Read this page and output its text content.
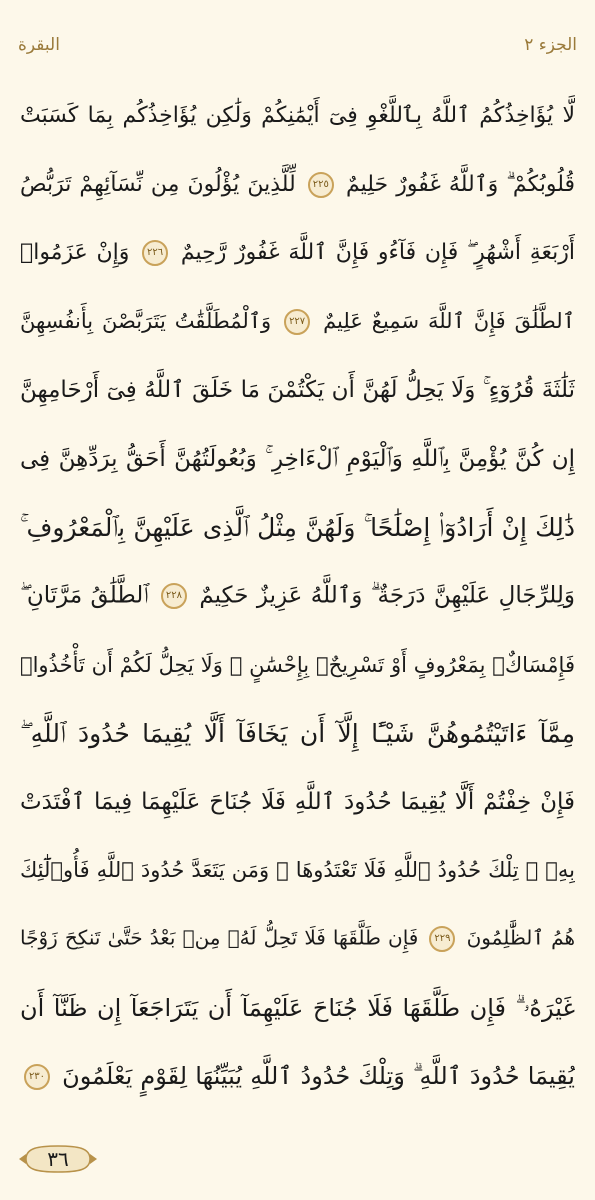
البقرة	الجزء ٢
لَّا يُؤَاخِذُكُمُ ٱللَّهُ بِٱللَّغْوِ فِىٓ أَيْمَٰنِكُمْ وَلَٰكِن يُؤَاخِذُكُم بِمَا كَسَبَتْ
قُلُوبُكُمْ ۗ وَٱللَّهُ غَفُورٌ حَلِيمٌ ٢٢٥ لِّلَّذِينَ يُؤْلُونَ مِن نِّسَآئِهِمْ تَرَبُّصُ
أَرْبَعَةِ أَشْهُرٍ ۖ فَإِن فَآءُو فَإِنَّ ٱللَّهَ غَفُورٌ رَّحِيمٌ ٢٢٦ وَإِنْ عَزَمُوا۟
ٱلطَّلَٰقَ فَإِنَّ ٱللَّهَ سَمِيعٌ عَلِيمٌ ٢٢٧ وَٱلْمُطَلَّقَٰتُ يَتَرَبَّصْنَ بِأَنفُسِهِنَّ
ثَلَٰثَةَ قُرُوٓءٍ ۚ وَلَا يَحِلُّ لَهُنَّ أَن يَكْتُمْنَ مَا خَلَقَ ٱللَّهُ فِىٓ أَرْحَامِهِنَّ
إِن كُنَّ يُؤْمِنَّ بِٱللَّهِ وَٱلْيَوْمِ ٱلْءَاخِرِ ۚ وَبُعُولَتُهُنَّ أَحَقُّ بِرَدِّهِنَّ فِى
ذَٰلِكَ إِنْ أَرَادُوٓا۟ إِصْلَٰحًا ۚ وَلَهُنَّ مِثْلُ ٱلَّذِى عَلَيْهِنَّ بِٱلْمَعْرُوفِ ۚ
وَلِلرِّجَالِ عَلَيْهِنَّ دَرَجَةٌ ۗ وَٱللَّهُ عَزِيزٌ حَكِيمٌ ٢٢٨ ٱلطَّلَٰقُ مَرَّتَانِ ۖ
فَإِمْسَاكٌۢ بِمَعْرُوفٍ أَوْ تَسْرِيحٌۢ بِإِحْسَٰنٍ ۗ وَلَا يَحِلُّ لَكُمْ أَن تَأْخُذُوا۟
مِمَّآ ءَاتَيْتُمُوهُنَّ شَيْـًٔا إِلَّآ أَن يَخَافَآ أَلَّا يُقِيمَا حُدُودَ ٱللَّهِ ۖ
فَإِنْ خِفْتُمْ أَلَّا يُقِيمَا حُدُودَ ٱللَّهِ فَلَا جُنَاحَ عَلَيْهِمَا فِيمَا ٱفْتَدَتْ
بِهِۦ ۗ تِلْكَ حُدُودُ ٱللَّهِ فَلَا تَعْتَدُوهَا ۚ وَمَن يَتَعَدَّ حُدُودَ ٱللَّهِ فَأُو۟لَٰٓئِكَ
هُمُ ٱلظَّٰلِمُونَ ٢٢٩ فَإِن طَلَّقَهَا فَلَا تَحِلُّ لَهُۥ مِنۢ بَعْدُ حَتَّىٰ تَنكِحَ زَوْجًا
غَيْرَهُۥ ۗ فَإِن طَلَّقَهَا فَلَا جُنَاحَ عَلَيْهِمَآ أَن يَتَرَاجَعَآ إِن ظَنَّآ أَن
يُقِيمَا حُدُودَ ٱللَّهِ ۗ وَتِلْكَ حُدُودُ ٱللَّهِ يُبَيِّنُهَا لِقَوْمٍ يَعْلَمُونَ ٢٣٠
٣٦
